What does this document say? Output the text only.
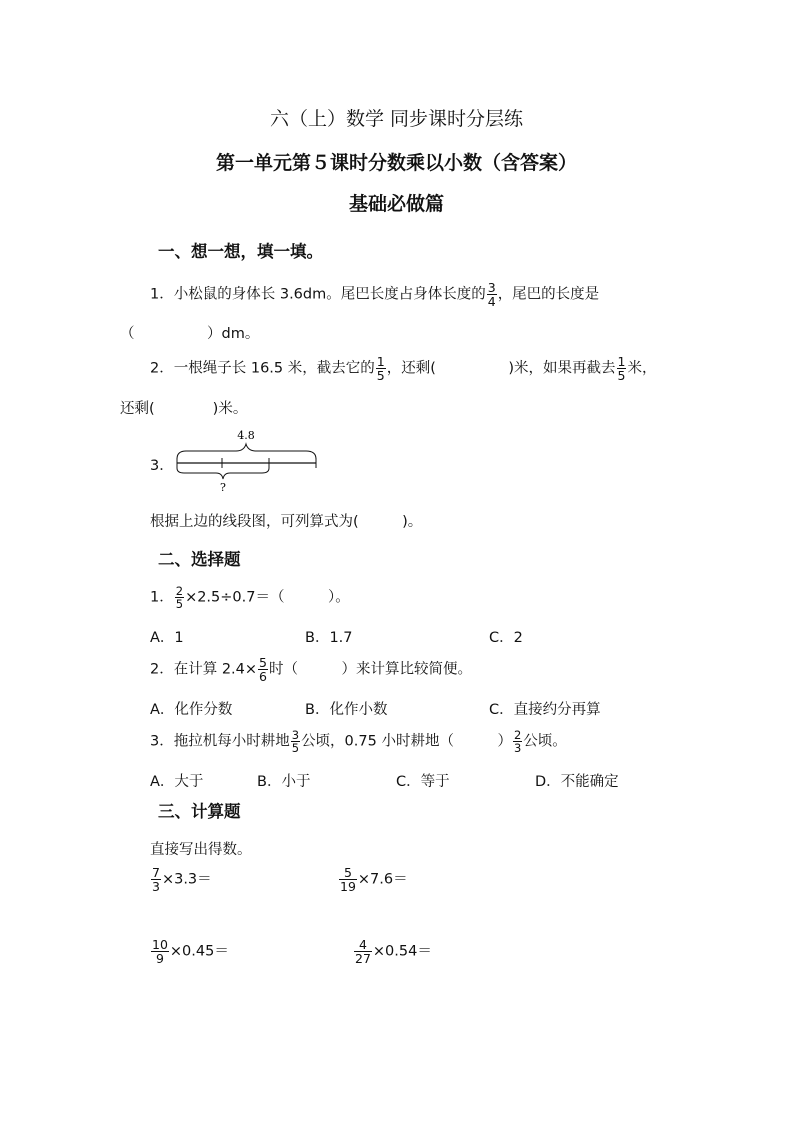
六（上）数学 同步课时分层练
第一单元第５课时分数乘以小数（含答案）
基础必做篇
一、想一想，填一填。
1．小松鼠的身体长 3.6dm。尾巴长度占身体长度的 $\frac{3}{4}$ ，尾巴的长度是
（　　　　　）dm。
2．一根绳子长 16.5 米，截去它的 $\frac{1}{5}$ ，还剩(　　　　　)米，如果再截去 $\frac{1}{5}$ 米，
还剩(　　　　)米。
3．
4.8
?
根据上边的线段图，可列算式为(　　　)。
二、选择题
1． $\frac{2}{5} \times 2.5\div 0.7=$（　　　）。
A．1	B．1.7	C．2
2．在计算 $2.4\times \frac{5}{6}$ 时（　　　）来计算比较简便。
A．化作分数	B．化作小数	C．直接约分再算
3．拖拉机每小时耕地 $\frac{3}{5}$ 公顷，0.75 小时耕地（　　　） $\frac{2}{3}$ 公顷。
A．大于	B．小于	C．等于	D．不能确定
三、计算题
直接写出得数。
$\frac{7}{3} \times 3.3=$	$\frac{5}{19} \times 7.6=$
$\frac{10}{9} \times 0.45=$	$\frac{4}{27} \times 0.54=$
